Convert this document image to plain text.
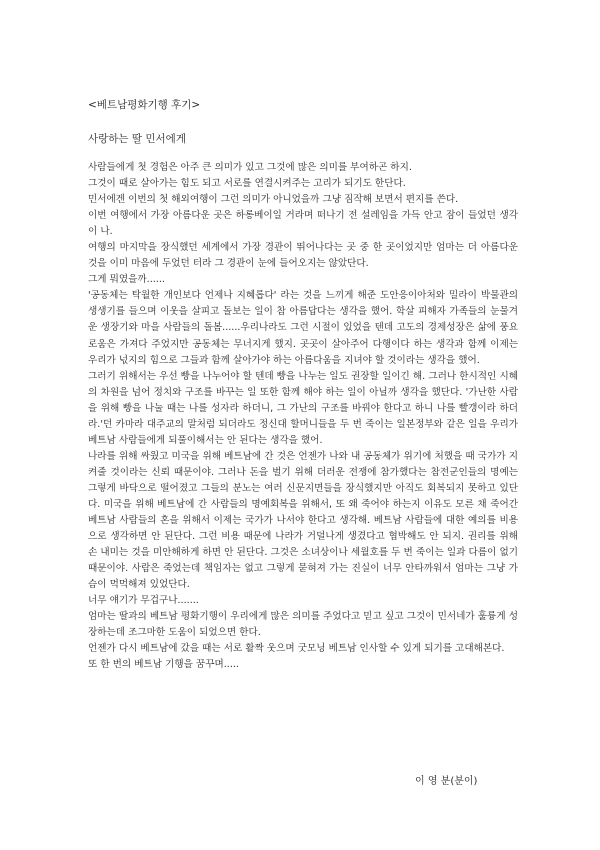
<베트남평화기행 후기>
사랑하는 딸 민서에게

사람들에게 첫 경험은 아주 큰 의미가 있고 그것에 많은 의미를 부여하곤 하지.

그것이 때로 살아가는 힘도 되고 서로를 연결시켜주는 고리가 되기도 한단다.

민서에겐 이번의 첫 해외여행이 그런 의미가 아니었을까 그냥 짐작해 보면서 편지를 쓴다.

이번 여행에서 가장 아름다운 곳은 하롱베이일 거라며 떠나기 전 설레임을 가득 안고 잠이 들었던 생각이 나.

여행의 마지막을 장식했던 세계에서 가장 경관이 뛰어나다는 곳 중 한 곳이었지만 엄마는 더 아름다운 것을 이미 마음에 두었던 터라 그 경관이 눈에 들어오지는 않았단다.

그게 뭐였을까......

'공동체는 탁월한 개인보다 언제나 지혜롭다' 라는 것을 느끼게 해준 도안응이아처와 밀라이 박물관의 생생기를 들으며 이웃을 살피고 돌보는 일이 참 아름답다는 생각을 했어. 학살 피해자 가족들의 눈물겨운 생장기와 마을 사람들의 돌봄......우리나라도 그런 시절이 있었을 텐데 고도의 경제성장은 삶에 풍요로움은 가져다 주었지만 공동체는 무너지게 했지. 곳곳이 살아주어 다행이다 하는 생각과 함께 이제는 우리가 넋지의 힘으로 그들과 함께 살아가야 하는 아름다움을 지녀야 할 것이라는 생각을 했어.

그러기 위해서는 우선 빵을 나누어야 할 텐데 빵을 나누는 일도 권장할 일이긴 해. 그러나 한시적인 시혜의 차원을 넘어 정치와 구조를 바꾸는 일 또한 함께 해야 하는 일이 아닐까 생각을 했단다. '가난한 사람을 위해 빵을 나눌 때는 나를 성자라 하더니, 그 가난의 구조를 바꿔야 한다고 하니 나를 빨갱이라 하더라.'던 카마라 대주교의 말처럼 되더라도 정신대 할머니들을 두 번 죽이는 일본정부와 같은 일을 우리가 베트남 사람들에게 되풀이해서는 안 된다는 생각을 했어.

나라를 위해 싸웠고 미국을 위해 베트남에 간 것은 언젠가 나와 내 공동체가 위기에 처했을 때 국가가 지켜줄 것이라는 신뢰 때문이야. 그러나 돈을 벌기 위해 더러운 전쟁에 참가했다는 참전군인들의 명예는 그렇게 바닥으로 떨어졌고 그들의 분노는 여러 신문지면들을 장식했지만 아직도 회복되지 못하고 있단다. 미국을 위해 베트남에 간 사람들의 명예회복을 위해서, 또 왜 죽어야 하는지 이유도 모른 채 죽어간 베트남 사람들의 혼을 위해서 이제는 국가가 나서야 한다고 생각해. 베트남 사람들에 대한 예의를 비용으로 생각하면 안 된단다. 그런 비용 때문에 나라가 거덜나게 생겼다고 협박해도 안 되지. 권리를 위해 손 내미는 것을 미안해하게 하면 안 된단다. 그것은 소녀상이나 세월호를 두 번 죽이는 일과 다름이 없기 때문이야. 사람은 죽었는데 책임자는 없고 그렇게 묻혀져 가는 진실이 너무 안타까워서 엄마는 그냥 가슴이 먹먹해져 있었단다.

너무 얘기가 무겁구나.......

엄마는 딸과의 베트남 평화기행이 우리에게 많은 의미를 주었다고 믿고 싶고 그것이 민서네가 훌륭게 성장하는데 조그마한 도움이 되었으면 한다.

언젠가 다시 베트남에 갔을 때는 서로 활짝 웃으며 굿모닝 베트남 인사할 수 있게 되기를 고대해본다.

또 한 번의 베트남 기행을 꿈꾸며.....

이 영 분(분이)
